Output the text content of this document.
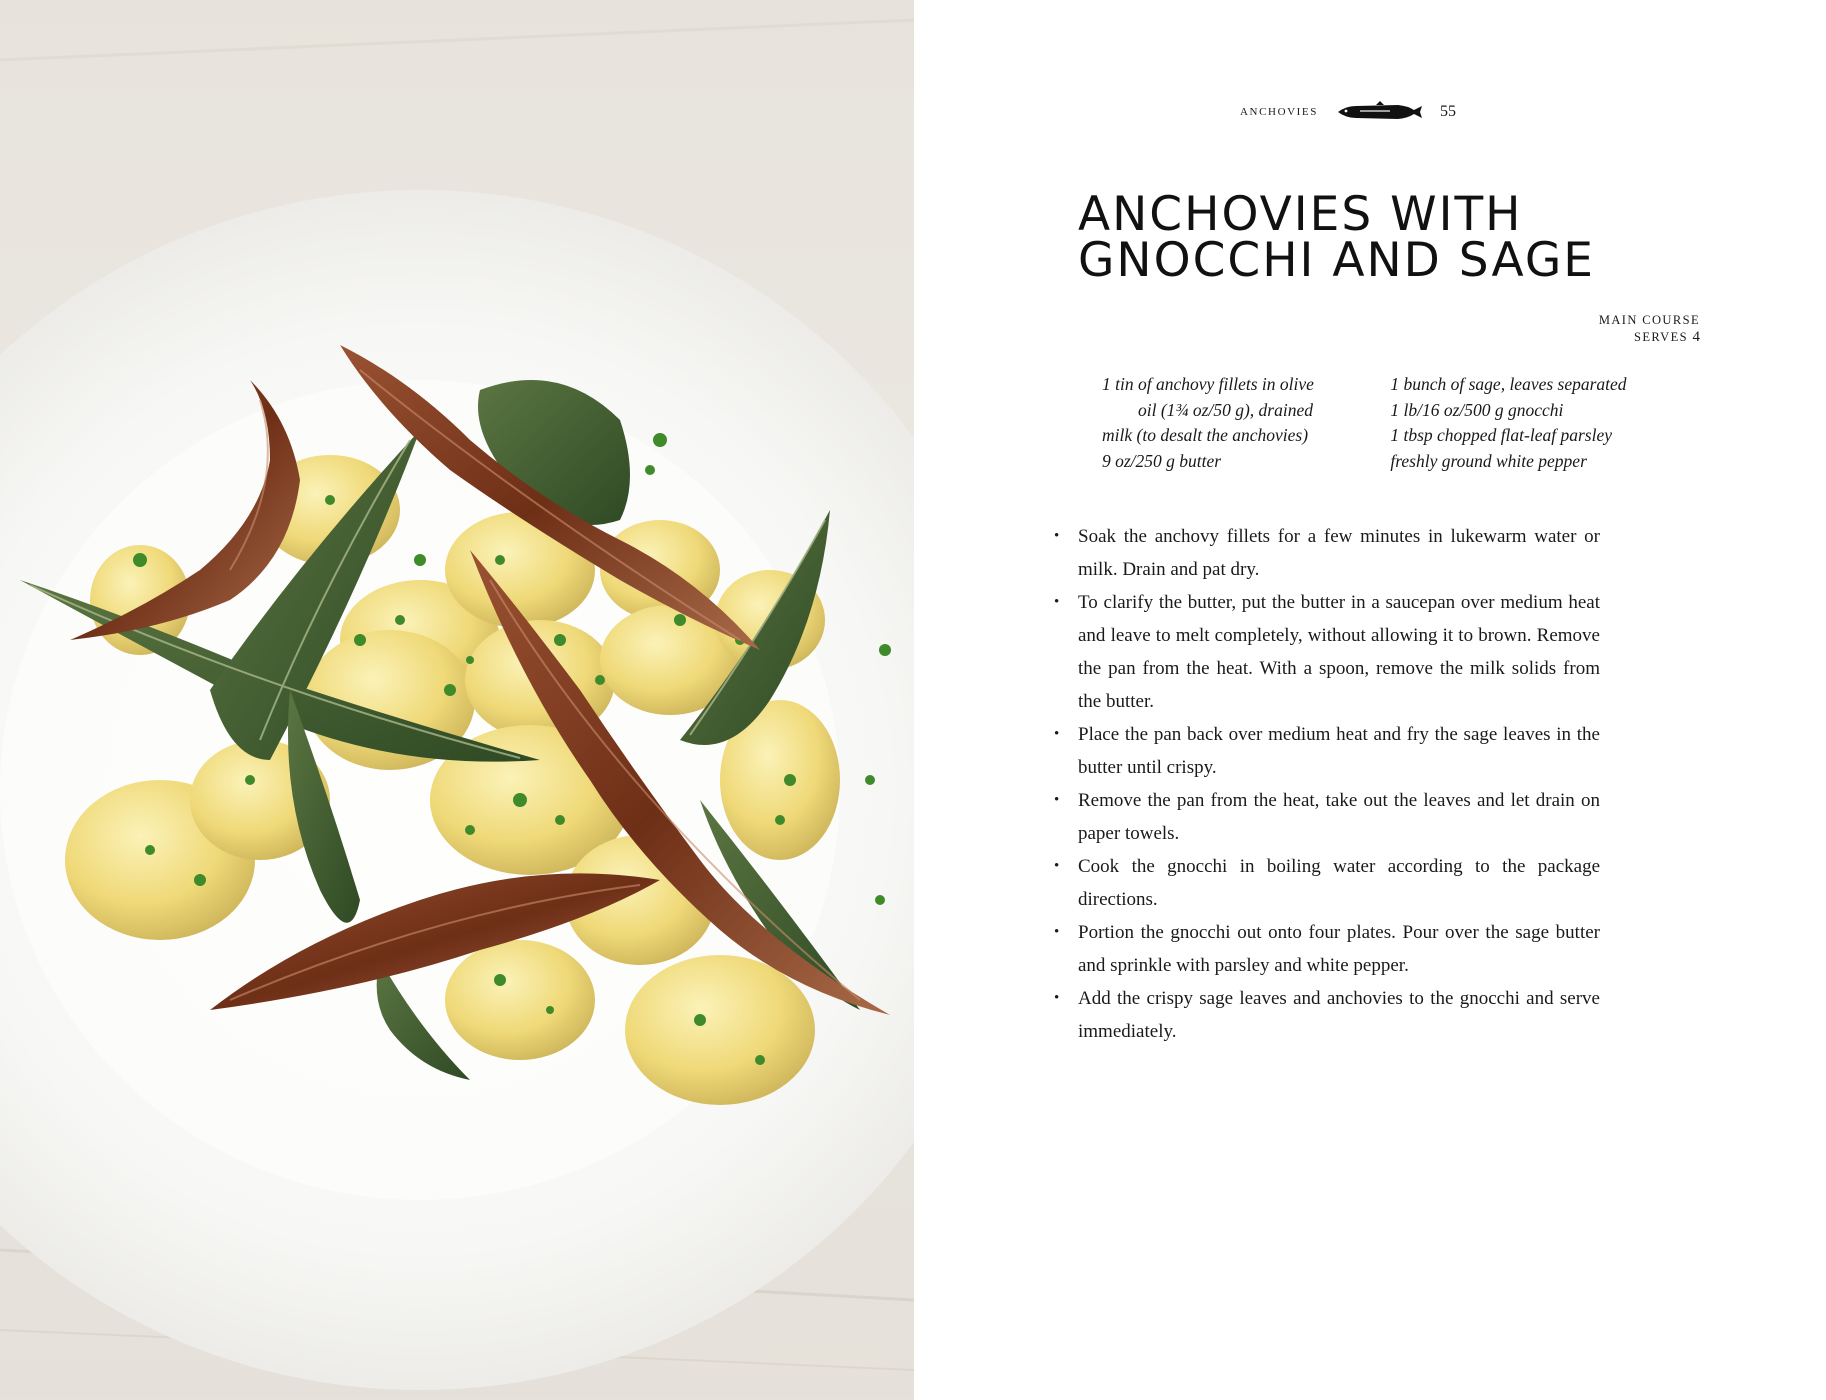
ANCHOVIES	55
ANCHOVIES WITH
GNOCCHI AND SAGE
MAIN COURSE
SERVES 4
1 tin of anchovy fillets in olive
oil (1¾ oz/50 g), drained
milk (to desalt the anchovies)
9 oz/250 g butter
1 bunch of sage, leaves separated
1 lb/16 oz/500 g gnocchi
1 tbsp chopped flat-leaf parsley
freshly ground white pepper
• Soak the anchovy fillets for a few minutes in lukewarm water or milk. Drain and pat dry.
• To clarify the butter, put the butter in a saucepan over medium heat and leave to melt completely, without allowing it to brown. Remove the pan from the heat. With a spoon, remove the milk solids from the butter.
• Place the pan back over medium heat and fry the sage leaves in the butter until crispy.
• Remove the pan from the heat, take out the leaves and let drain on paper towels.
• Cook the gnocchi in boiling water according to the package directions.
• Portion the gnocchi out onto four plates. Pour over the sage butter and sprinkle with parsley and white pepper.
• Add the crispy sage leaves and anchovies to the gnocchi and serve immediately.
